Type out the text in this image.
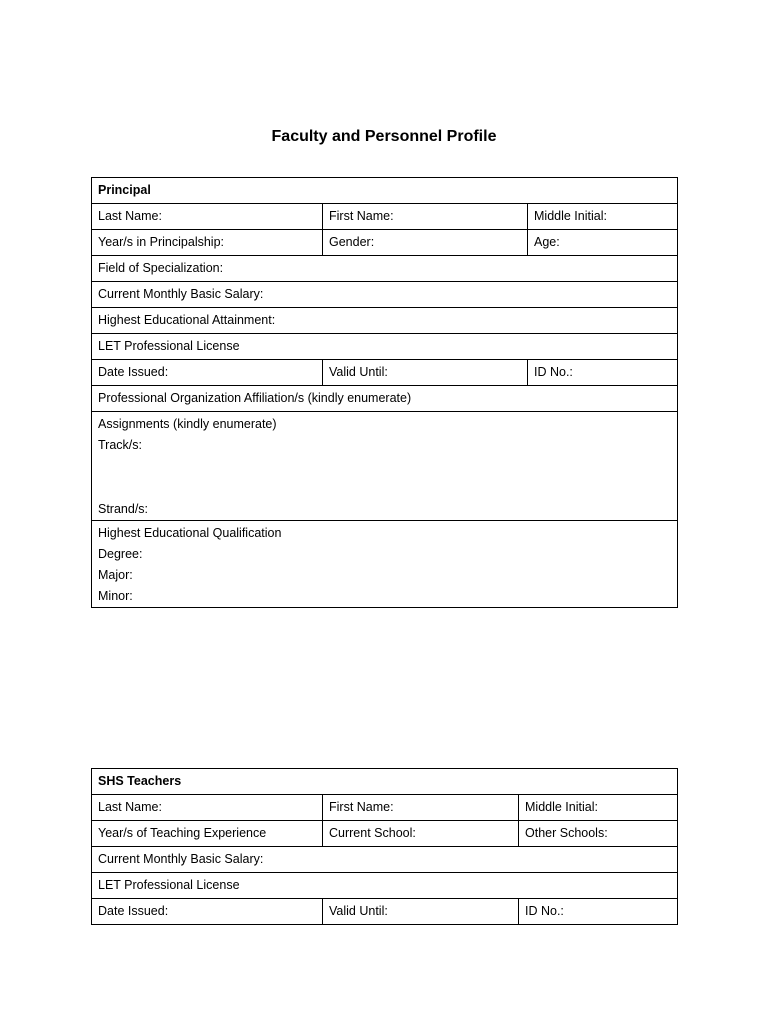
Faculty and Personnel Profile
Principal		
Last Name:	First Name:	Middle Initial:
Year/s in Principalship:	Gender:	Age:
Field of Specialization:		
Current Monthly Basic Salary:		
Highest Educational Attainment:		
LET Professional License		
Date Issued:	Valid Until:	ID No.:

Professional Organization Affiliation/s (kindly enumerate)		

Assignments (kindly enumerate)
Track/s:
Strand/s:		

Highest Educational Qualification
Degree:
Major:
Minor:		
SHS Teachers		
Last Name:	First Name:	Middle Initial:
Year/s of Teaching Experience	Current School:	Other Schools:
Current Monthly Basic Salary:		
LET Professional License		
Date Issued:	Valid Until:	ID No.:
